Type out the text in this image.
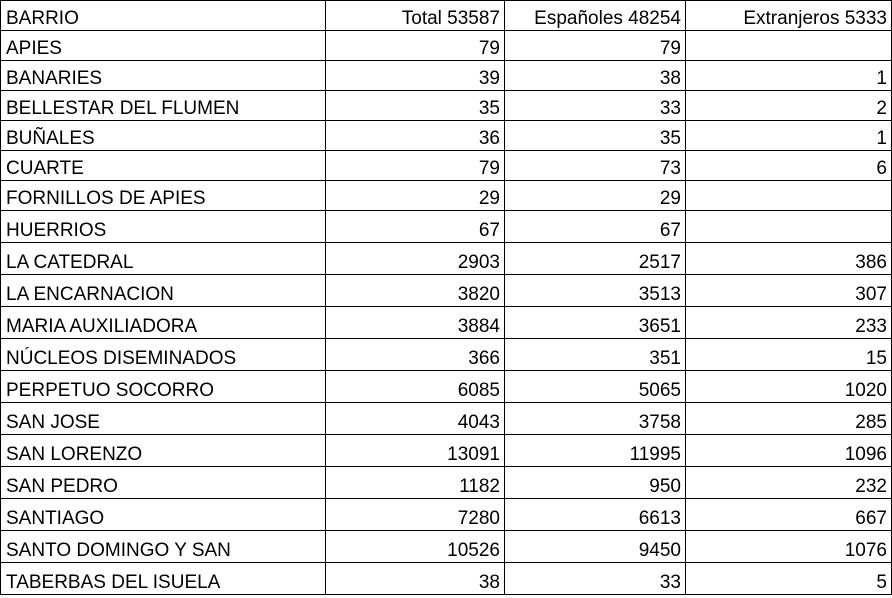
BARRIO	Total 53587	Españoles 48254	Extranjeros 5333
APIES	79	79	
BANARIES	39	38	1
BELLESTAR DEL FLUMEN	35	33	2
BUÑALES	36	35	1
CUARTE	79	73	6
FORNILLOS DE APIES	29	29	
HUERRIOS	67	67	
LA CATEDRAL	2903	2517	386
LA ENCARNACION	3820	3513	307
MARIA AUXILIADORA	3884	3651	233
NÚCLEOS DISEMINADOS	366	351	15
PERPETUO SOCORRO	6085	5065	1020
SAN JOSE	4043	3758	285
SAN LORENZO	13091	11995	1096
SAN PEDRO	1182	950	232
SANTIAGO	7280	6613	667
SANTO DOMINGO Y SAN	10526	9450	1076
TABERBAS DEL ISUELA	38	33	5
